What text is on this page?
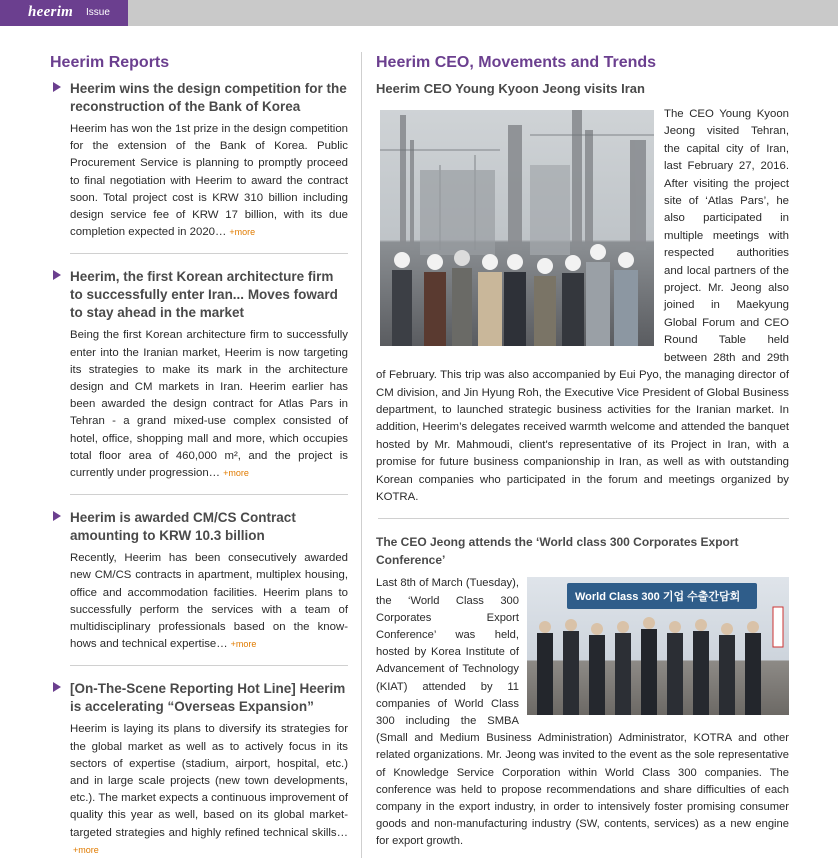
heerim Issue
Heerim Reports
Heerim wins the design competition for the reconstruction of the Bank of Korea

Heerim has won the 1st prize in the design competition for the extension of the Bank of Korea. Public Procurement Service is planning to promptly proceed to final negotiation with Heerim to award the contract soon. Total project cost is KRW 310 billion including design service fee of KRW 17 billion, with its due completion expected in 2020… +more

Heerim, the first Korean architecture firm to successfully enter Iran... Moves foward to stay ahead in the market

Being the first Korean architecture firm to successfully enter into the Iranian market, Heerim is now targeting its strategies to make its mark in the architecture design and CM markets in Iran. Heerim earlier has been awarded the design contract for Atlas Pars in Tehran - a grand mixed-use complex consisted of hotel, office, shopping mall and more, which occupies total floor area of 460,000 m², and the project is currently under progression… +more

Heerim is awarded CM/CS Contract amounting to KRW 10.3 billion

Recently, Heerim has been consecutively awarded new CM/CS contracts in apartment, multiplex housing, office and accommodation facilities. Heerim plans to successfully perform the services with a team of multidisciplinary professionals based on the know-hows and technical expertise… +more

[On-The-Scene Reporting Hot Line] Heerim is accelerating “Overseas Expansion”

Heerim is laying its plans to diversify its strategies for the global market as well as to actively focus in its sectors of expertise (stadium, airport, hospital, etc.) and in large scale projects (new town developments, etc.). The market expects a continuous improvement of quality this year as well, based on its global market-targeted strategies and highly refined technical skills…+more

Heerim CEO, Movements and Trends
Heerim CEO Young Kyoon Jeong visits Iran
The CEO Young Kyoon Jeong visited Tehran, the capital city of Iran, last February 27, 2016. After visiting the project site of ‘Atlas Pars’, he also participated in multiple meetings with respected authorities and local partners of the project. Mr. Jeong also joined in Maekyung Global Forum and CEO Round Table held between 28th and 29th of February. This trip was also accompanied by Eui Pyo, the managing director of CM division, and Jin Hyung Roh, the Executive Vice President of Global Business department, to launched strategic business activities for the Iranian market. In addition, Heerim’s delegates received warmth welcome and attended the banquet hosted by Mr. Mahmoudi, client's representative of its Project in Iran, with a promise for future business companionship in Iran, as well as with outstanding Korean companies who participated in the forum and meetings organized by KOTRA.
The CEO Jeong attends the ‘World class 300 Corporates Export Conference’
World Class 300 기업 수출간담회
Last 8th of March (Tuesday), the ‘World Class 300 Corporates Export Conference’ was held, hosted by Korea Institute of Advancement of Technology (KIAT) attended by 11 companies of World Class 300 including the SMBA (Small and Medium Business Administration) Administrator, KOTRA and other related organizations. Mr. Jeong was invited to the event as the sole representative of Knowledge Service Corporation within World Class 300 companies. The conference was held to propose recommendations and share difficulties of each company in the export industry, in order to intensively foster promising consumer goods and non-manufacturing industry (SW, contents, services) as a new engine for export growth.
